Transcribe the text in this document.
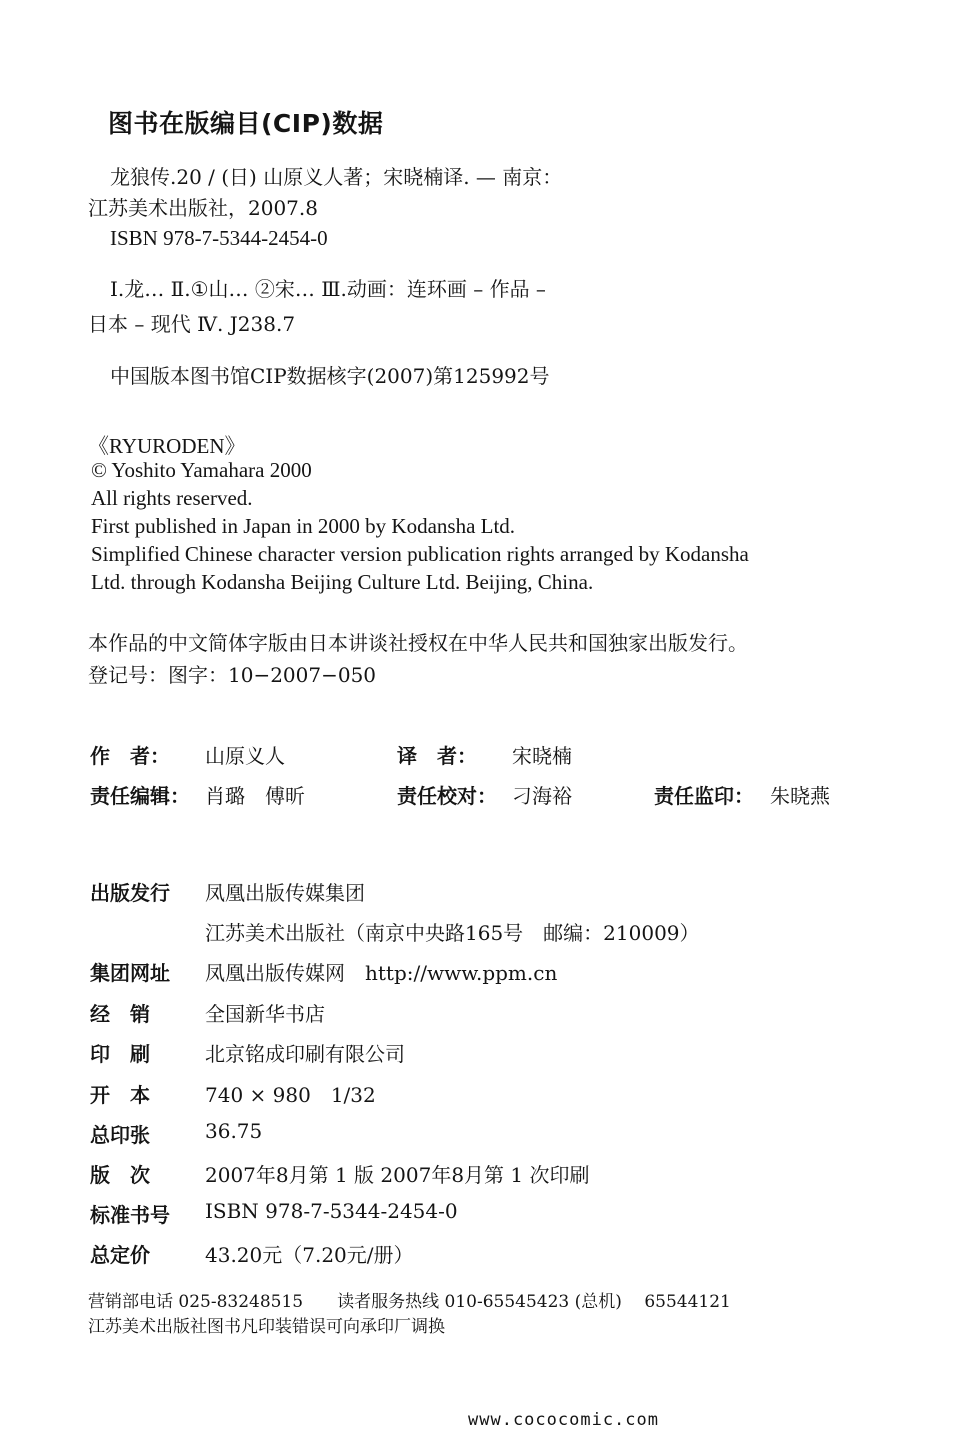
图书在版编目(CIP)数据
龙狼传.20 / (日) 山原义人著；宋晓楠译. — 南京：
江苏美术出版社，2007.8
ISBN 978-7-5344-2454-0
Ⅰ.龙… Ⅱ.①山… ②宋… Ⅲ.动画：连环画 – 作品 –
日本 – 现代 Ⅳ. J238.7
中国版本图书馆CIP数据核字(2007)第125992号
《RYURODEN》
© Yoshito Yamahara 2000
All rights reserved.
First published in Japan in 2000 by Kodansha Ltd.
Simplified Chinese character version publication rights arranged by Kodansha
Ltd. through Kodansha Beijing Culture Ltd. Beijing, China.
本作品的中文简体字版由日本讲谈社授权在中华人民共和国独家出版发行。
登记号：图字：10−2007−050
作　者： 山原义人	译　者： 宋晓楠
责任编辑： 肖璐　傅昕	责任校对： 刁海裕	责任监印： 朱晓燕
出版发行 凤凰出版传媒集团
江苏美术出版社（南京中央路165号　邮编：210009）
集团网址 凤凰出版传媒网　http://www.ppm.cn
经　销	全国新华书店
印　刷	北京铭成印刷有限公司
开　本	740 × 980　1/32
总印张	36.75
版　次	2007年8月第 1 版 2007年8月第 1 次印刷
标准书号 ISBN 978-7-5344-2454-0
总定价	43.20元（7.20元/册）
营销部电话 025-83248515　　读者服务热线 010-65545423 (总机)　 65544121
江苏美术出版社图书凡印装错误可向承印厂调换
www.cococomic.com
